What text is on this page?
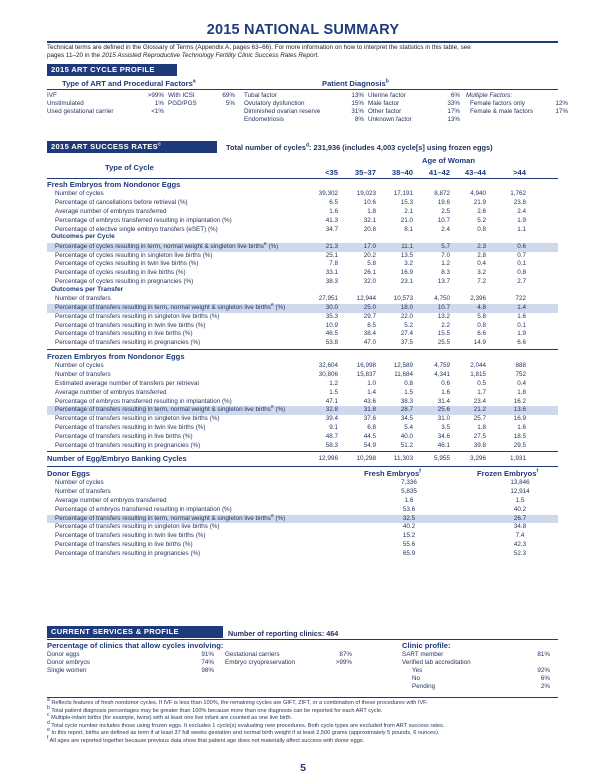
2015 NATIONAL SUMMARY
Technical terms are defined in the Glossary of Terms (Appendix A, pages 63–66). For more information on how to interpret the statistics in this table, see
pages 11–20 in the 2015 Assisted Reproductive Technology Fertility Clinic Success Rates Report.
2015 ART CYCLE PROFILE
Type of ART and Procedural Factors$^a$	Patient Diagnosis$^b$
IVF	>99% With ICSI	69%
Unstimulated	1% PGD/PGS	5%
Used gestational carrier	<1%
Tubal factor	13%
Ovulatory dysfunction	15%
Diminished ovarian reserve	31%
Endometriosis	8%
Uterine factor	6%
Male factor	33%
Other factor	17%
Unknown factor	13%
Multiple Factors:
Female factors only	12%
Female & male factors	17%
2015 ART SUCCESS RATES$^c$	Total number of cycles$^d$: 231,936 (includes 4,003 cycle[s] using frozen eggs)
Type of Cycle
Age of Woman
<35	35–37	38–40	41–42	43–44	>44
Fresh Embryos from Nondonor Eggs
Number of cycles	39,302	19,023	17,191	8,872	4,940	1,762
Percentage of cancellations before retrieval (%)	6.5	10.6	15.3	19.6	21.9	23.8
Average number of embryos transferred	1.6	1.8	2.1	2.5	2.6	2.4
Percentage of embryos transferred resulting in implantation (%)	41.3	32.1	21.0	10.7	5.2	1.9
Percentage of elective single embryo transfers (eSET) (%)	34.7	20.8	8.1	2.4	0.8	1.1
Outcomes per Cycle
Percentage of cycles resulting in term, normal weight & singleton live births$^e$ (%)	21.3	17.0	11.1	5.7	2.3	0.6
Percentage of cycles resulting in singleton live births (%)	25.1	20.2	13.5	7.0	2.8	0.7
Percentage of cycles resulting in twin live births (%)	7.8	5.8	3.2	1.2	0.4	0.1
Percentage of cycles resulting in live births (%)	33.1	26.1	16.9	8.3	3.2	0.8
Percentage of cycles resulting in pregnancies (%)	38.3	32.0	23.1	13.7	7.2	2.7
Outcomes per Transfer
Number of transfers	27,951	12,944	10,573	4,750	2,396	722
Percentage of transfers resulting in term, normal weight & singleton live births$^e$ (%)	30.0	25.0	18.0	10.7	4.8	1.4
Percentage of transfers resulting in singleton live births (%)	35.3	29.7	22.0	13.2	5.8	1.6
Percentage of transfers resulting in twin live births (%)	10.9	8.5	5.2	2.2	0.8	0.1
Percentage of transfers resulting in live births (%)	46.5	38.4	27.4	15.5	6.6	1.9
Percentage of transfers resulting in pregnancies (%)	53.8	47.0	37.5	25.5	14.9	6.6
Frozen Embryos from Nondonor Eggs
Number of cycles	32,604	16,998	12,589	4,759	2,044	888
Number of transfers	30,806	15,837	11,684	4,341	1,815	752
Estimated average number of transfers per retrieval	1.2	1.0	0.8	0.6	0.5	0.4
Average number of embryos transferred	1.5	1.4	1.5	1.6	1.7	1.8
Percentage of embryos transferred resulting in implantation (%)	47.1	43.6	38.3	31.4	23.4	16.2
Percentage of transfers resulting in term, normal weight & singleton live births$^e$ (%)	32.8	31.8	28.7	25.6	21.2	13.6
Percentage of transfers resulting in singleton live births (%)	39.4	37.6	34.5	31.0	25.7	16.9
Percentage of transfers resulting in twin live births (%)	9.1	6.8	5.4	3.5	1.8	1.6
Percentage of transfers resulting in live births (%)	48.7	44.5	40.0	34.6	27.5	18.5
Percentage of transfers resulting in pregnancies (%)	58.3	54.9	51.2	46.1	39.8	29.5
Number of Egg/Embryo Banking Cycles	12,996	10,298	11,303	5,955	3,296	1,931
Donor Eggs	Fresh Embryos$^f$	Frozen Embryos$^f$
Number of cycles	7,336	13,846
Number of transfers	5,835	12,914
Average number of embryos transferred	1.6	1.5
Percentage of embryos transferred resulting in implantation (%)	53.6	40.2
Percentage of transfers resulting in term, normal weight & singleton live births$^e$ (%)	32.5	26.7
Percentage of transfers resulting in singleton live births (%)	40.2	34.8
Percentage of transfers resulting in twin live births (%)	15.2	7.4
Percentage of transfers resulting in live births (%)	55.6	42.3
Percentage of transfers resulting in pregnancies (%)	65.9	52.3
CURRENT SERVICES & PROFILE	Number of reporting clinics: 464
Percentage of clinics that allow cycles involving:	Clinic profile:
Donor eggs	91%
Donor embryos	74%
Single women	98%
Gestational carriers	87%
Embryo cryopreservation	>99%
SART member	81%
Verified lab accreditation
Yes	92%
No	6%
Pending	2%
a Reflects features of fresh nondonor cycles. If IVF is less than 100%, the remaining cycles are GIFT, ZIFT, or a combination of these procedures with IVF.
b Total patient diagnosis percentages may be greater than 100% because more than one diagnosis can be reported for each ART cycle.
c Multiple-infant births (for example, twins) with at least one live infant are counted as one live birth.
d Total cycle number includes those using frozen eggs. It excludes 1 cycle(s) evaluating new procedures. Both cycle types are excluded from ART success rates.
e In this report, births are defined as term if at least 37 full weeks gestation and normal birth weight if at least 2,500 grams (approximately 5 pounds, 6 ounces).
f All ages are reported together because previous data show that patient age does not materially affect success with donor eggs.
5
